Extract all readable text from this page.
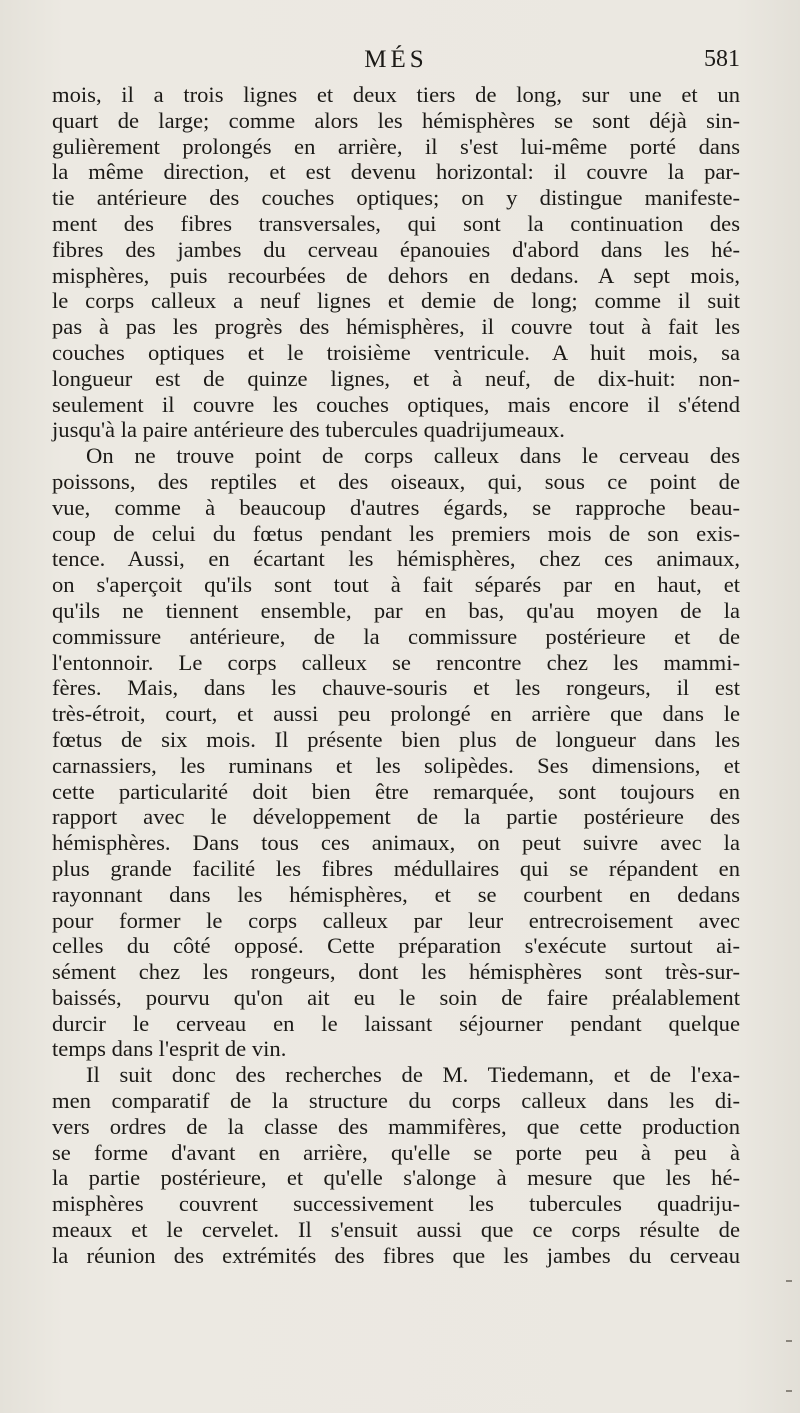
MÉS	581
mois, il a trois lignes et deux tiers de long, sur une et un
quart de large; comme alors les hémisphères se sont déjà sin-
gulièrement prolongés en arrière, il s'est lui-même porté dans
la même direction, et est devenu horizontal: il couvre la par-
tie antérieure des couches optiques; on y distingue manifeste-
ment des fibres transversales, qui sont la continuation des
fibres des jambes du cerveau épanouies d'abord dans les hé-
misphères, puis recourbées de dehors en dedans. A sept mois,
le corps calleux a neuf lignes et demie de long; comme il suit
pas à pas les progrès des hémisphères, il couvre tout à fait les
couches optiques et le troisième ventricule. A huit mois, sa
longueur est de quinze lignes, et à neuf, de dix-huit: non-
seulement il couvre les couches optiques, mais encore il s'étend
jusqu'à la paire antérieure des tubercules quadrijumeaux.
On ne trouve point de corps calleux dans le cerveau des
poissons, des reptiles et des oiseaux, qui, sous ce point de
vue, comme à beaucoup d'autres égards, se rapproche beau-
coup de celui du fœtus pendant les premiers mois de son exis-
tence. Aussi, en écartant les hémisphères, chez ces animaux,
on s'aperçoit qu'ils sont tout à fait séparés par en haut, et
qu'ils ne tiennent ensemble, par en bas, qu'au moyen de la
commissure antérieure, de la commissure postérieure et de
l'entonnoir. Le corps calleux se rencontre chez les mammi-
fères. Mais, dans les chauve-souris et les rongeurs, il est
très-étroit, court, et aussi peu prolongé en arrière que dans le
fœtus de six mois. Il présente bien plus de longueur dans les
carnassiers, les ruminans et les solipèdes. Ses dimensions, et
cette particularité doit bien être remarquée, sont toujours en
rapport avec le développement de la partie postérieure des
hémisphères. Dans tous ces animaux, on peut suivre avec la
plus grande facilité les fibres médullaires qui se répandent en
rayonnant dans les hémisphères, et se courbent en dedans
pour former le corps calleux par leur entrecroisement avec
celles du côté opposé. Cette préparation s'exécute surtout ai-
sément chez les rongeurs, dont les hémisphères sont très-sur-
baissés, pourvu qu'on ait eu le soin de faire préalablement
durcir le cerveau en le laissant séjourner pendant quelque
temps dans l'esprit de vin.
Il suit donc des recherches de M. Tiedemann, et de l'exa-
men comparatif de la structure du corps calleux dans les di-
vers ordres de la classe des mammifères, que cette production
se forme d'avant en arrière, qu'elle se porte peu à peu à
la partie postérieure, et qu'elle s'alonge à mesure que les hé-
misphères couvrent successivement les tubercules quadriju-
meaux et le cervelet. Il s'ensuit aussi que ce corps résulte de
la réunion des extrémités des fibres que les jambes du cerveau
